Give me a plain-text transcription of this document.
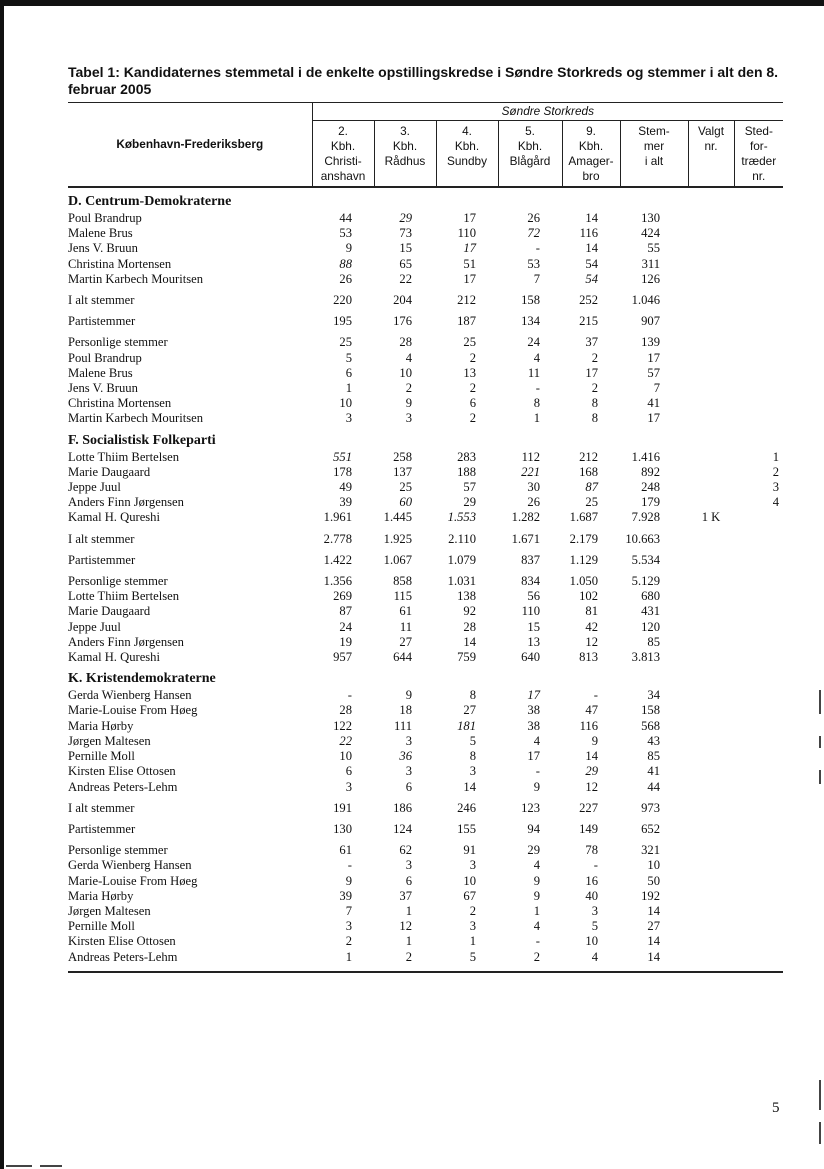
Tabel 1: Kandidaternes stemmetal i de enkelte opstillingskredse i Søndre Storkreds og stemmer i alt den 8. februar 2005
København-Frederiksberg	Søndre Storkreds							
	2.
Kbh.
Christi-
anshavn	3.
Kbh.
Rådhus	4.
Kbh.
Sundby	5.
Kbh.
Blågård	9.
Kbh.
Amager-
bro	Stem-
mer
i alt	Valgt
nr.	Sted-
for-
træder
nr.
D. Centrum-Demokraterne								
Poul Brandrup	44	29	17	26	14	130		
Malene Brus	53	73	110	72	116	424		
Jens V. Bruun	9	15	17	-	14	55		
Christina Mortensen	88	65	51	53	54	311		
Martin Karbech Mouritsen	26	22	17	7	54	126		
I alt stemmer	220	204	212	158	252	1.046		
Partistemmer	195	176	187	134	215	907		
Personlige stemmer	25	28	25	24	37	139		
Poul Brandrup	5	4	2	4	2	17		
Malene Brus	6	10	13	11	17	57		
Jens V. Bruun	1	2	2	-	2	7		
Christina Mortensen	10	9	6	8	8	41		
Martin Karbech Mouritsen	3	3	2	1	8	17		
F. Socialistisk Folkeparti								
Lotte Thiim Bertelsen	551	258	283	112	212	1.416		1
Marie Daugaard	178	137	188	221	168	892		2
Jeppe Juul	49	25	57	30	87	248		3
Anders Finn Jørgensen	39	60	29	26	25	179		4
Kamal H. Qureshi	1.961	1.445	1.553	1.282	1.687	7.928	1 K	
I alt stemmer	2.778	1.925	2.110	1.671	2.179	10.663		
Partistemmer	1.422	1.067	1.079	837	1.129	5.534		
Personlige stemmer	1.356	858	1.031	834	1.050	5.129		
Lotte Thiim Bertelsen	269	115	138	56	102	680		
Marie Daugaard	87	61	92	110	81	431		
Jeppe Juul	24	11	28	15	42	120		
Anders Finn Jørgensen	19	27	14	13	12	85		
Kamal H. Qureshi	957	644	759	640	813	3.813		
K. Kristendemokraterne								
Gerda Wienberg Hansen	-	9	8	17	-	34		
Marie-Louise From Høeg	28	18	27	38	47	158		
Maria Hørby	122	111	181	38	116	568		
Jørgen Maltesen	22	3	5	4	9	43		
Pernille Moll	10	36	8	17	14	85		
Kirsten Elise Ottosen	6	3	3	-	29	41		
Andreas Peters-Lehm	3	6	14	9	12	44		
I alt stemmer	191	186	246	123	227	973		
Partistemmer	130	124	155	94	149	652		
Personlige stemmer	61	62	91	29	78	321		
Gerda Wienberg Hansen	-	3	3	4	-	10		
Marie-Louise From Høeg	9	6	10	9	16	50		
Maria Hørby	39	37	67	9	40	192		
Jørgen Maltesen	7	1	2	1	3	14		
Pernille Moll	3	12	3	4	5	27		
Kirsten Elise Ottosen	2	1	1	-	10	14		
Andreas Peters-Lehm	1	2	5	2	4	14		

5
